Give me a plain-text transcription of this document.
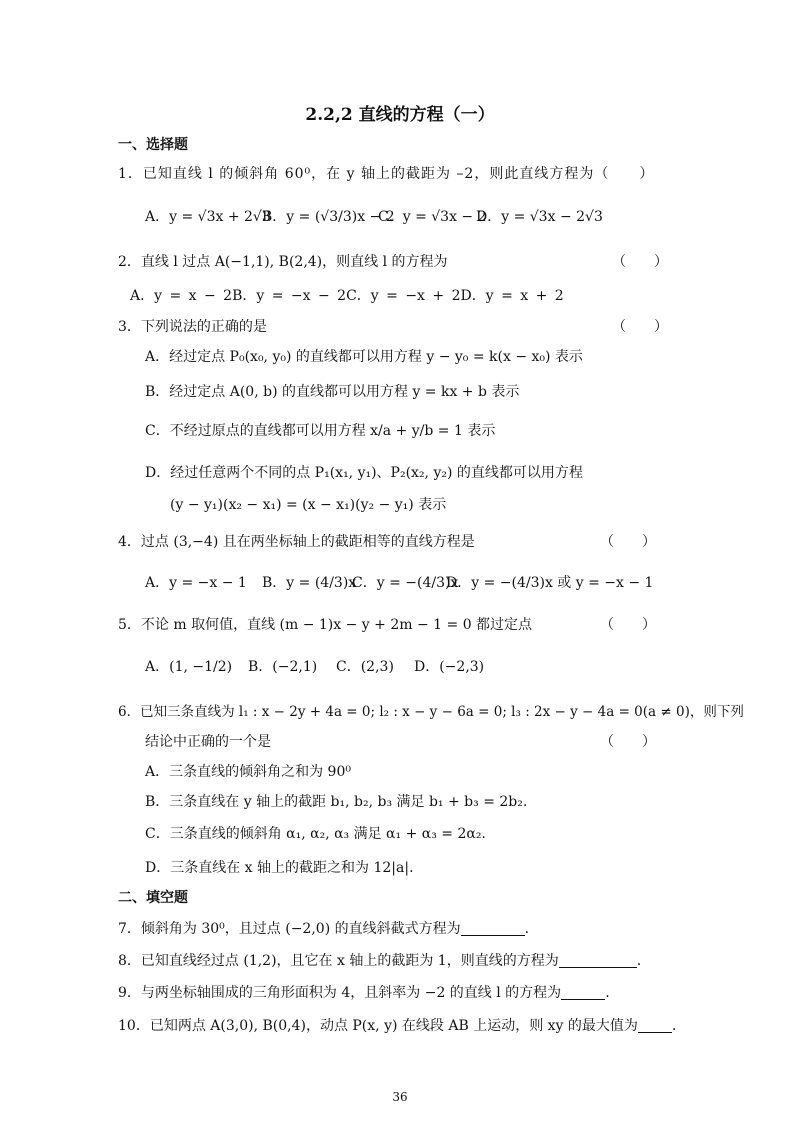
2.2,2 直线的方程（一）
一、选择题
1．已知直线 l 的倾斜角 60⁰，在 y 轴上的截距为 –2，则此直线方程为（　　）
A．y = √3x + 2√3
B．y = (√3/3)x − 2
C．y = √3x − 2
D．y = √3x − 2√3
2．直线 l 过点 A(−1,1), B(2,4)，则直线 l 的方程为	（　　）
A．y = x − 2B．y = −x − 2C．y = −x + 2D．y = x + 2
3．下列说法的正确的是	（　　）
A．经过定点 P₀(x₀, y₀) 的直线都可以用方程 y − y₀ = k(x − x₀) 表示
B．经过定点 A(0, b) 的直线都可以用方程 y = kx + b 表示
C．不经过原点的直线都可以用方程 x/a + y/b = 1 表示
D．经过任意两个不同的点 P₁(x₁, y₁)、P₂(x₂, y₂) 的直线都可以用方程
(y − y₁)(x₂ − x₁) = (x − x₁)(y₂ − y₁) 表示
4．过点 (3,−4) 且在两坐标轴上的截距相等的直线方程是	（　　）
A．y = −x − 1 B．y = (4/3)x
C．y = −(4/3)x
D．y = −(4/3)x 或 y = −x − 1
5．不论 m 取何值，直线 (m − 1)x − y + 2m − 1 = 0 都过定点	（　　）
A．(1, −1/2) B．(−2,1) C．(2,3) D．(−2,3)
6．已知三条直线为 l₁ : x − 2y + 4a = 0; l₂ : x − y − 6a = 0; l₃ : 2x − y − 4a = 0(a ≠ 0)，则下列
结论中正确的一个是	（　　）
A．三条直线的倾斜角之和为 90⁰
B．三条直线在 y 轴上的截距 b₁, b₂, b₃ 满足 b₁ + b₃ = 2b₂.
C．三条直线的倾斜角 α₁, α₂, α₃ 满足 α₁ + α₃ = 2α₂.
D．三条直线在 x 轴上的截距之和为 12|a|.
二、填空题
7．倾斜角为 30⁰，且过点 (−2,0) 的直线斜截式方程为	.
8．已知直线经过点 (1,2)，且它在 x 轴上的截距为 1，则直线的方程为	.
9．与两坐标轴围成的三角形面积为 4，且斜率为 −2 的直线 l 的方程为	.
10．已知两点 A(3,0), B(0,4)，动点 P(x, y) 在线段 AB 上运动，则 xy 的最大值为 .
36
